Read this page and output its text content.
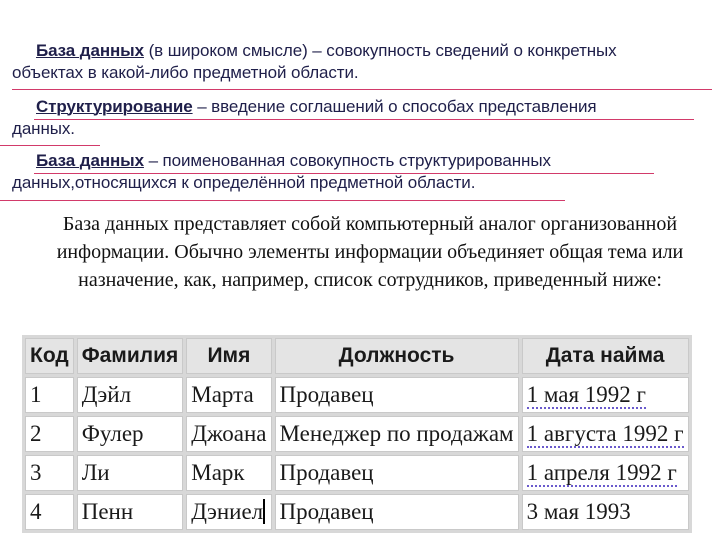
База данных (в широком смысле) – совокупность сведений о конкретных
объектах в какой-либо предметной области.
Структурирование – введение соглашений о способах представления
данных.
База данных – поименованная совокупность структурированных
данных,относящихся к определённой предметной области.
База данных представляет собой компьютерный аналог организованной информации. Обычно элементы информации объединяет общая тема или назначение, как, например, список сотрудников, приведенный ниже:
Код	Фамилия	Имя	Должность	Дата найма
1	Дэйл	Марта	Продавец	1 мая 1992 г
2	Фулер	Джоана	Менеджер по продажам	1 августа 1992 г
3	Ли	Марк	Продавец	1 апреля 1992 г
4	Пенн	Дэниел	Продавец	3 мая 1993
